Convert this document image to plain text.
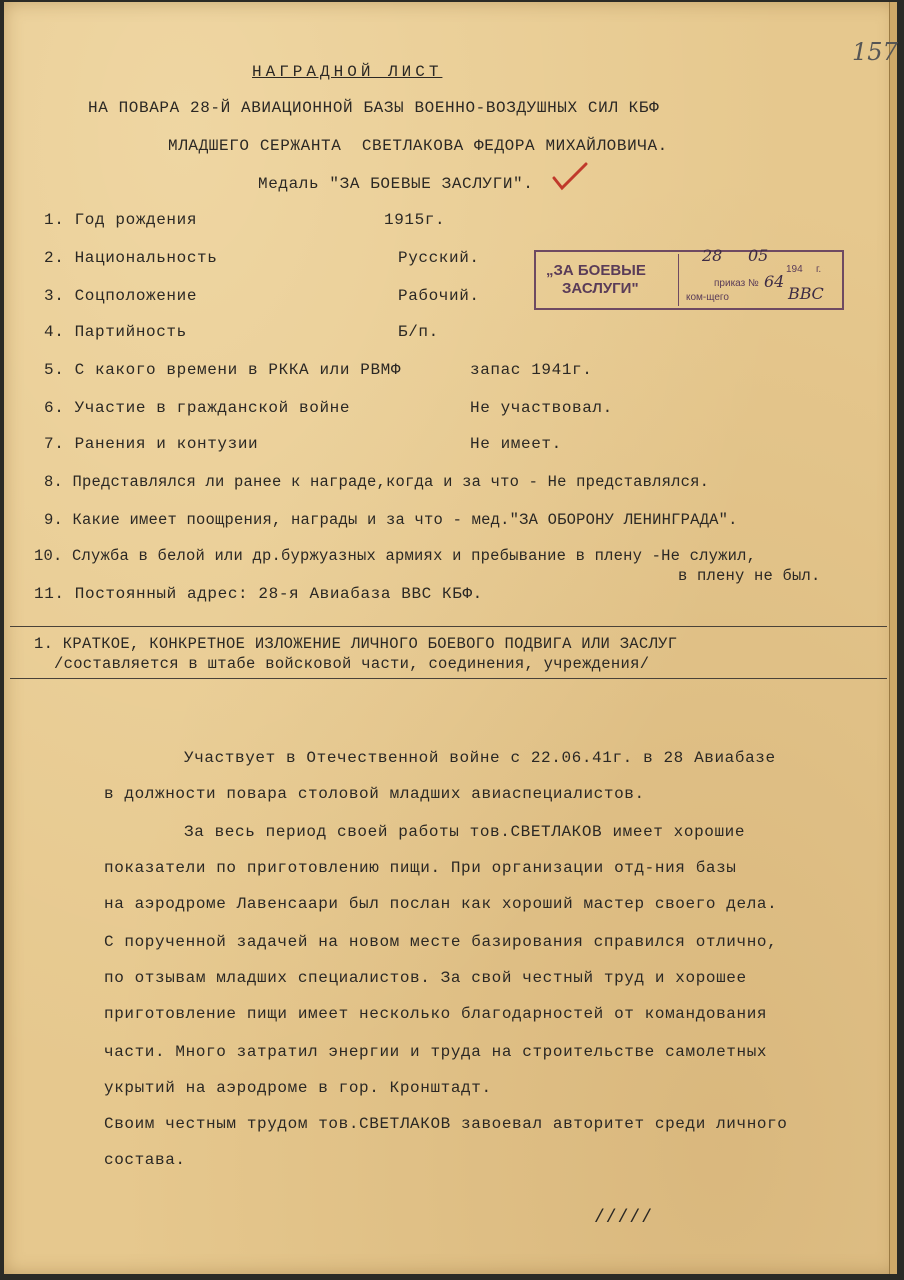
157
НАГРАДНОЙ ЛИСТ
НА ПОВАРА 28-Й АВИАЦИОННОЙ БАЗЫ ВОЕННО-ВОЗДУШНЫХ СИЛ КБФ
МЛАДШЕГО СЕРЖАНТА  СВЕТЛАКОВА ФЕДОРА МИХАЙЛОВИЧА.
Медаль "ЗА БОЕВЫЕ ЗАСЛУГИ".
1. Год рождения	1915г.
2. Национальность	Русский.
3. Соцположение	Рабочий.
4. Партийность	Б/п.
5. С какого времени в РККА или РВМФ	запас 1941г.
6. Участие в гражданской войне	Не участвовал.
7. Ранения и контузии	Не имеет.
8. Представлялся ли ранее к награде,когда и за что - Не представлялся.
9. Какие имеет поощрения, награды и за что - мед."ЗА ОБОРОНУ ЛЕНИНГРАДА".
10. Служба в белой или др.буржуазных армиях и пребывание в плену -Не служил,
в плену не был.
11. Постоянный адрес: 28-я Авиабаза ВВС КБФ.
„ЗА БОЕВЫЕ
ЗАСЛУГИ"
28 05
194 г.
приказ № 64
ком-щего	ВВС
1. КРАТКОЕ, КОНКРЕТНОЕ ИЗЛОЖЕНИЕ ЛИЧНОГО БОЕВОГО ПОДВИГА ИЛИ ЗАСЛУГ
/составляется в штабе войсковой части, соединения, учреждения/
Участвует в Отечественной войне с 22.06.41г. в 28 Авиабазе
в должности повара столовой младших авиаспециалистов.
За весь период своей работы тов.СВЕТЛАКОВ имеет хорошие
показатели по приготовлению пищи. При организации отд-ния базы
на аэродроме Лавенсаари был послан как хороший мастер своего дела.
С порученной задачей на новом месте базирования справился отлично,
по отзывам младших специалистов. За свой честный труд и хорошее
приготовление пищи имеет несколько благодарностей от командования
части. Много затратил энергии и труда на строительстве самолетных
укрытий на аэродроме в гор. Кронштадт.
Своим честным трудом тов.СВЕТЛАКОВ завоевал авторитет среди личного
состава.
/////
